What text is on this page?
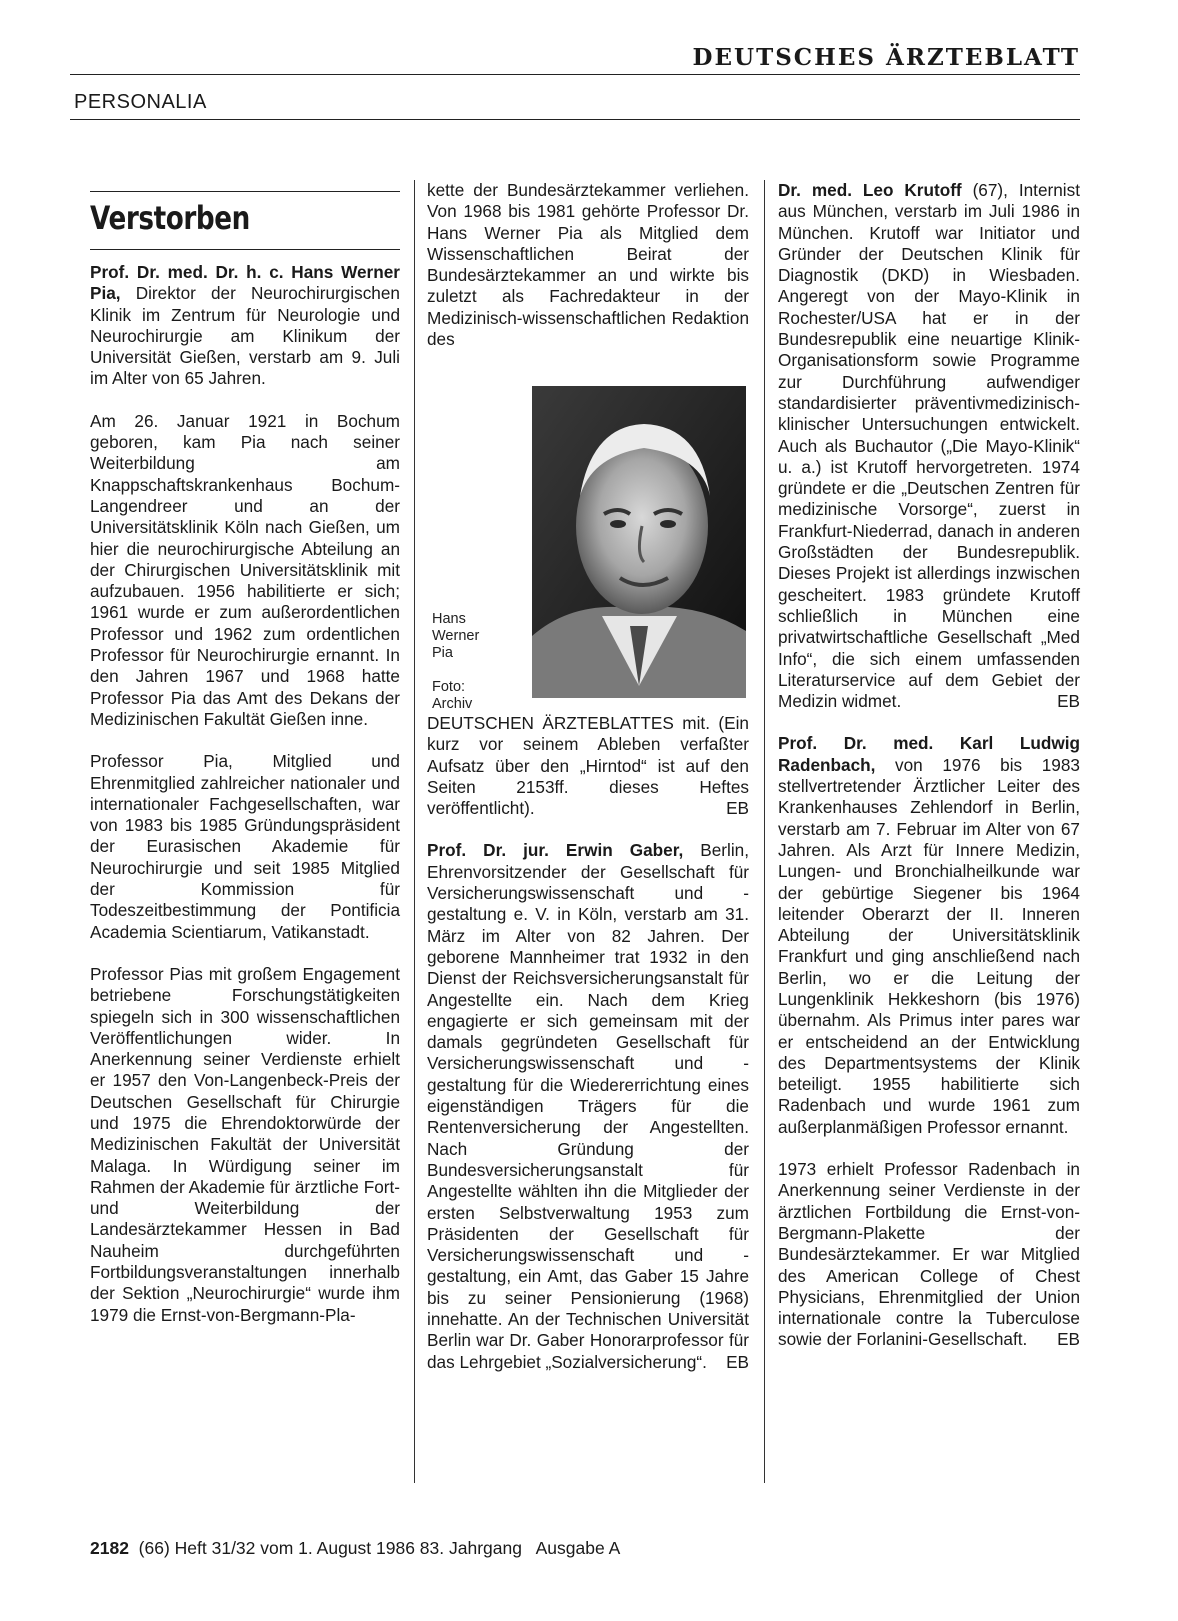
DEUTSCHES ÄRZTEBLATT
PERSONALIA
Verstorben

Prof. Dr. med. Dr. h. c. Hans Werner Pia, Direktor der Neurochirurgischen Klinik im Zentrum für Neurologie und Neurochirurgie am Klinikum der Universität Gießen, verstarb am 9. Juli im Alter von 65 Jahren.

Am 26. Januar 1921 in Bochum geboren, kam Pia nach seiner Weiterbildung am Knappschaftskrankenhaus Bochum-Langendreer und an der Universitätsklinik Köln nach Gießen, um hier die neurochirurgische Abteilung an der Chirurgischen Universitätsklinik mit aufzubauen. 1956 habilitierte er sich; 1961 wurde er zum außerordentlichen Professor und 1962 zum ordentlichen Professor für Neurochirurgie ernannt. In den Jahren 1967 und 1968 hatte Professor Pia das Amt des Dekans der Medizinischen Fakultät Gießen inne.

Professor Pia, Mitglied und Ehrenmitglied zahlreicher nationaler und internationaler Fachgesellschaften, war von 1983 bis 1985 Gründungspräsident der Eurasischen Akademie für Neurochirurgie und seit 1985 Mitglied der Kommission für Todeszeitbestimmung der Pontificia Academia Scientiarum, Vatikanstadt.

Professor Pias mit großem Engagement betriebene Forschungstätigkeiten spiegeln sich in 300 wissenschaftlichen Veröffentlichungen wider. In Anerkennung seiner Verdienste erhielt er 1957 den Von-Langenbeck-Preis der Deutschen Gesellschaft für Chirurgie und 1975 die Ehrendoktorwürde der Medizinischen Fakultät der Universität Malaga. In Würdigung seiner im Rahmen der Akademie für ärztliche Fort- und Weiterbildung der Landesärztekammer Hessen in Bad Nauheim durchgeführten Fortbildungsveranstaltungen innerhalb der Sektion „Neurochirurgie“ wurde ihm 1979 die Ernst-von-Bergmann-Pla-

kette der Bundesärztekammer verliehen. Von 1968 bis 1981 gehörte Professor Dr. Hans Werner Pia als Mitglied dem Wissenschaftlichen Beirat der Bundesärztekammer an und wirkte bis zuletzt als Fachredakteur in der Medizinisch-wissenschaftlichen Redaktion des

Hans
Werner
Pia
Foto:
Archiv

DEUTSCHEN ÄRZTEBLATTES mit. (Ein kurz vor seinem Ableben verfaßter Aufsatz über den „Hirntod“ ist auf den Seiten 2153ff. dieses Heftes veröffentlicht).	EB

Prof. Dr. jur. Erwin Gaber, Berlin, Ehrenvorsitzender der Gesellschaft für Versicherungswissenschaft und -gestaltung e. V. in Köln, verstarb am 31. März im Alter von 82 Jahren. Der geborene Mannheimer trat 1932 in den Dienst der Reichsversicherungsanstalt für Angestellte ein. Nach dem Krieg engagierte er sich gemeinsam mit der damals gegründeten Gesellschaft für Versicherungswissenschaft und -gestaltung für die Wiedererrichtung eines eigenständigen Trägers für die Rentenversicherung der Angestellten. Nach Gründung der Bundesversicherungsanstalt für Angestellte wählten ihn die Mitglieder der ersten Selbstverwaltung 1953 zum Präsidenten der Gesellschaft für Versicherungswissenschaft und -gestaltung, ein Amt, das Gaber 15 Jahre bis zu seiner Pensionierung (1968) innehatte. An der Technischen Universität Berlin war Dr. Gaber Honorarprofessor für das Lehrgebiet „Sozialversicherung“. EB

Dr. med. Leo Krutoff (67), Internist aus München, verstarb im Juli 1986 in München. Krutoff war Initiator und Gründer der Deutschen Klinik für Diagnostik (DKD) in Wiesbaden. Angeregt von der Mayo-Klinik in Rochester/USA hat er in der Bundesrepublik eine neuartige Klinik-Organisationsform sowie Programme zur Durchführung aufwendiger standardisierter präventivmedizinisch-klinischer Untersuchungen entwickelt. Auch als Buchautor („Die Mayo-Klinik“ u. a.) ist Krutoff hervorgetreten. 1974 gründete er die „Deutschen Zentren für medizinische Vorsorge“, zuerst in Frankfurt-Niederrad, danach in anderen Großstädten der Bundesrepublik. Dieses Projekt ist allerdings inzwischen gescheitert. 1983 gründete Krutoff schließlich in München eine privatwirtschaftliche Gesellschaft „Med Info“, die sich einem umfassenden Literaturservice auf dem Gebiet der Medizin widmet.	EB

Prof. Dr. med. Karl Ludwig Radenbach, von 1976 bis 1983 stellvertretender Ärztlicher Leiter des Krankenhauses Zehlendorf in Berlin, verstarb am 7. Februar im Alter von 67 Jahren. Als Arzt für Innere Medizin, Lungen- und Bronchialheilkunde war der gebürtige Siegener bis 1964 leitender Oberarzt der II. Inneren Abteilung der Universitätsklinik Frankfurt und ging anschließend nach Berlin, wo er die Leitung der Lungenklinik Hekkeshorn (bis 1976) übernahm. Als Primus inter pares war er entscheidend an der Entwicklung des Departmentsystems der Klinik beteiligt. 1955 habilitierte sich Radenbach und wurde 1961 zum außerplanmäßigen Professor ernannt.

1973 erhielt Professor Radenbach in Anerkennung seiner Verdienste in der ärztlichen Fortbildung die Ernst-von-Bergmann-Plakette der Bundesärztekammer. Er war Mitglied des American College of Chest Physicians, Ehrenmitglied der Union internationale contre la Tuberculose sowie der Forlanini-Gesellschaft. EB

2182  (66) Heft 31/32 vom 1. August 1986 83. Jahrgang   Ausgabe A
